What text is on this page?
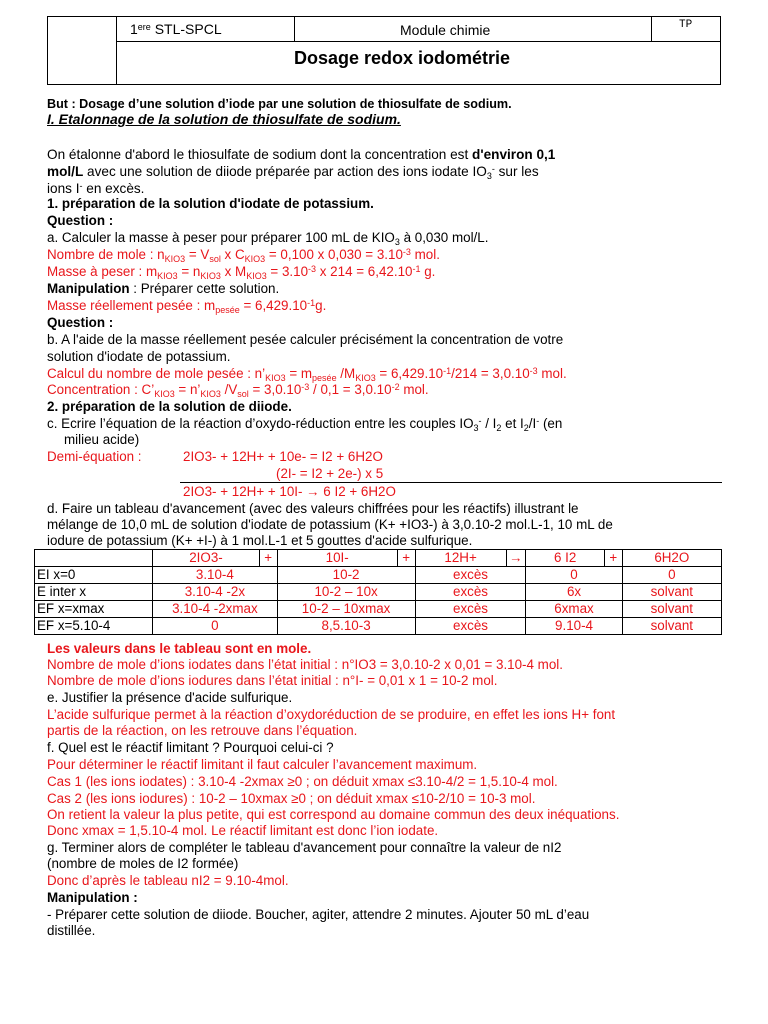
1ere STL-SPCL	Module chimie	TP
Dosage redox iodométrie
But : Dosage d’une solution d’iode par une solution de thiosulfate de sodium.
I. Etalonnage de la solution de thiosulfate de sodium.
On étalonne d'abord le thiosulfate de sodium dont la concentration est d'environ 0,1
mol/L avec une solution de diiode préparée par action des ions iodate $IO_3^-$ sur les
ions I- en excès.
1. préparation de la solution d'iodate de potassium.
Question :
a. Calculer la masse à peser pour préparer 100 mL de $KIO_3$ à 0,030 mol/L.
Nombre de mole : $n_{KIO3} = V_{sol}$ x $C_{KIO3} = 0,100$ x $0,030 = 3.10^{-3}$ mol.
Masse à peser : $m_{KIO3} = n_{KIO3}$ x $M_{KIO3} = 3.10^{-3}$ x $214 = 6,42.10^{-1}$ g.
Manipulation : Préparer cette solution.
Masse réellement pesée : $m_{pesée} = 6,429.10^{-1}g$.
Question :
b. A l'aide de la masse réellement pesée calculer précisément la concentration de votre
solution d'iodate de potassium.
Calcul du nombre de mole pesée : $n’_{KIO3} = m_{pesée}$ $/M_{KIO3} = 6,429.10^{-1}/214 = 3,0.10^{-3}$ mol.
Concentration : $C’_{KIO3}$ = $n’_{KIO3}$ $/V_{sol} = 3,0.10^{-3} / 0,1 = 3,0.10^{-2}$ mol.
2. préparation de la solution de diiode.
c. Ecrire l’équation de la réaction d’oxydo-réduction entre les couples $IO_3^- / I_2$ et $I_2/I^-$ (en
milieu acide)
Demi-équation :	2IO3- + 12H+ + 10e- = I2 + 6H2O
(2I- = I2 + 2e-) x 5
2IO3- + 12H+ + 10I- → 6 I2 + 6H2O
d. Faire un tableau d'avancement (avec des valeurs chiffrées pour les réactifs) illustrant le
mélange de 10,0 mL de solution d'iodate de potassium (K+ +IO3-) à 3,0.10-2 mol.L-1, 10 mL de
iodure de potassium (K+ +I-) à 1 mol.L-1 et 5 gouttes d'acide sulfurique.
	2IO3-	+	10I-	+	12H+	→	6 I2	+	6H2O
EI x=0	3.10-4		10-2		excès		0		0
E inter x	3.10-4 -2x		10-2 – 10x		excès		6x		solvant
EF x=xmax	3.10-4 -2xmax		10-2 – 10xmax		excès		6xmax		solvant
EF x=5.10-4	0		8,5.10-3		excès		9.10-4		solvant
Les valeurs dans le tableau sont en mole.
Nombre de mole d’ions iodates dans l’état initial : n°IO3 = 3,0.10-2 x 0,01 = 3.10-4 mol.
Nombre de mole d’ions iodures dans l’état initial : n°I- = 0,01 x 1 = 10-2 mol.
e. Justifier la présence d'acide sulfurique.
L’acide sulfurique permet à la réaction d’oxydoréduction de se produire, en effet les ions H+ font
partis de la réaction, on les retrouve dans l’équation.
f. Quel est le réactif limitant ? Pourquoi celui-ci ?
Pour déterminer le réactif limitant il faut calculer l’avancement maximum.
Cas 1 (les ions iodates) : 3.10-4 -2xmax ≥0 ; on déduit xmax ≤3.10-4/2 = 1,5.10-4 mol.
Cas 2 (les ions iodures) : 10-2 – 10xmax ≥0 ; on déduit xmax ≤10-2/10 = 10-3 mol.
On retient la valeur la plus petite, qui est correspond au domaine commun des deux inéquations.
Donc xmax = 1,5.10-4 mol. Le réactif limitant est donc l’ion iodate.
g. Terminer alors de compléter le tableau d'avancement pour connaître la valeur de nI2
(nombre de moles de I2 formée)
Donc d’après le tableau nI2 = 9.10-4mol.
Manipulation :
- Préparer cette solution de diiode. Boucher, agiter, attendre 2 minutes. Ajouter 50 mL d’eau
distillée.
